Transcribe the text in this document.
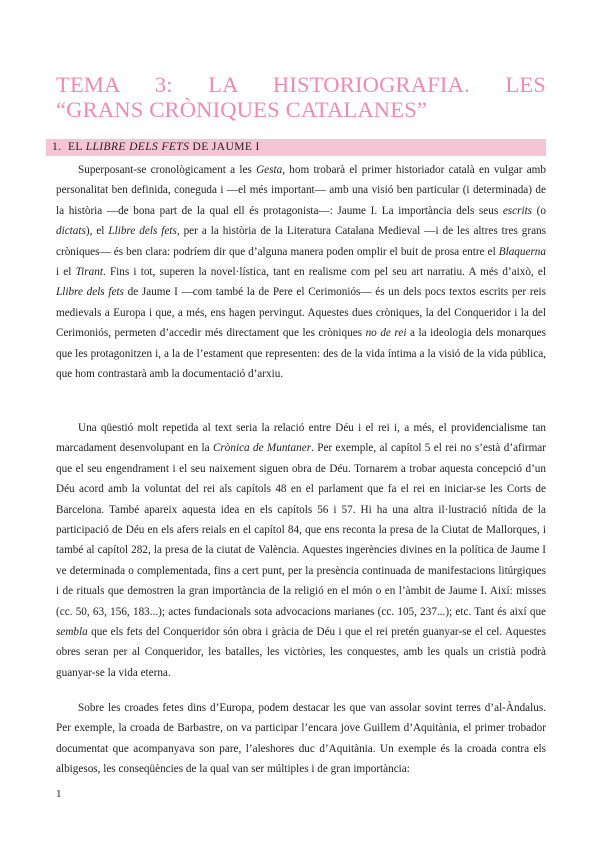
TEMA 3: LA HISTORIOGRAFIA. LES
“GRANS CRÒNIQUES CATALANES”
1. EL LLIBRE DELS FETS DE JAUME I

Superposant-se cronològicament a les Gesta, hom trobarà el primer historiador català en vulgar amb personalitat ben definida, coneguda i —el més important— amb una visió ben particular (i determinada) de la història —de bona part de la qual ell és protagonista—: Jaume I. La importància dels seus escrits (o dictats), el Llibre dels fets, per a la història de la Literatura Catalana Medieval —i de les altres tres grans cròniques— és ben clara: podríem dir que d’alguna manera poden omplir el buit de prosa entre el Blaquerna i el Tirant. Fins i tot, superen la novel·lística, tant en realisme com pel seu art narratiu. A més d’això, el Llibre dels fets de Jaume I —com també la de Pere el Cerimoniós— és un dels pocs textos escrits per reis medievals a Europa i que, a més, ens hagen pervingut. Aquestes dues cròniques, la del Conqueridor i la del Cerimoniós, permeten d’accedir més directament que les cròniques no de rei a la ideologia dels monarques que les protagonitzen i, a la de l’estament que representen: des de la vida íntima a la visió de la vida pública, que hom contrastarà amb la documentació d’arxiu.

Una qüestió molt repetida al text seria la relació entre Déu i el rei i, a més, el providencialisme tan marcadament desenvolupant en la Crònica de Muntaner. Per exemple, al capítol 5 el rei no s’està d’afirmar que el seu engendrament i el seu naixement siguen obra de Déu. Tornarem a trobar aquesta concepció d’un Déu acord amb la voluntat del rei als capítols 48 en el parlament que fa el rei en iniciar-se les Corts de Barcelona. També apareix aquesta idea en els capítols 56 i 57. Hi ha una altra il·lustració nítida de la participació de Déu en els afers reials en el capítol 84, que ens reconta la presa de la Ciutat de Mallorques, i també al capítol 282, la presa de la ciutat de València. Aquestes ingerències divines en la política de Jaume I ve determinada o complementada, fins a cert punt, per la presència continuada de manifestacions litúrgiques i de rituals que demostren la gran importància de la religió en el món o en l’àmbit de Jaume I. Així: misses (cc. 50, 63, 156, 183...); actes fundacionals sota advocacions marianes (cc. 105, 237...); etc. Tant és així que sembla que els fets del Conqueridor són obra i gràcia de Déu i que el rei pretén guanyar-se el cel. Aquestes obres seran per al Conqueridor, les batalles, les victòries, les conquestes, amb les quals un cristià podrà guanyar-se la vida eterna.

Sobre les croades fetes dins d’Europa, podem destacar les que van assolar sovint terres d’al-Àndalus. Per exemple, la croada de Barbastre, on va participar l’encara jove Guillem d’Aquitània, el primer trobador documentat que acompanyava son pare, l’aleshores duc d’Aquitània. Un exemple és la croada contra els albigesos, les conseqüències de la qual van ser múltiples i de gran importància:

1
